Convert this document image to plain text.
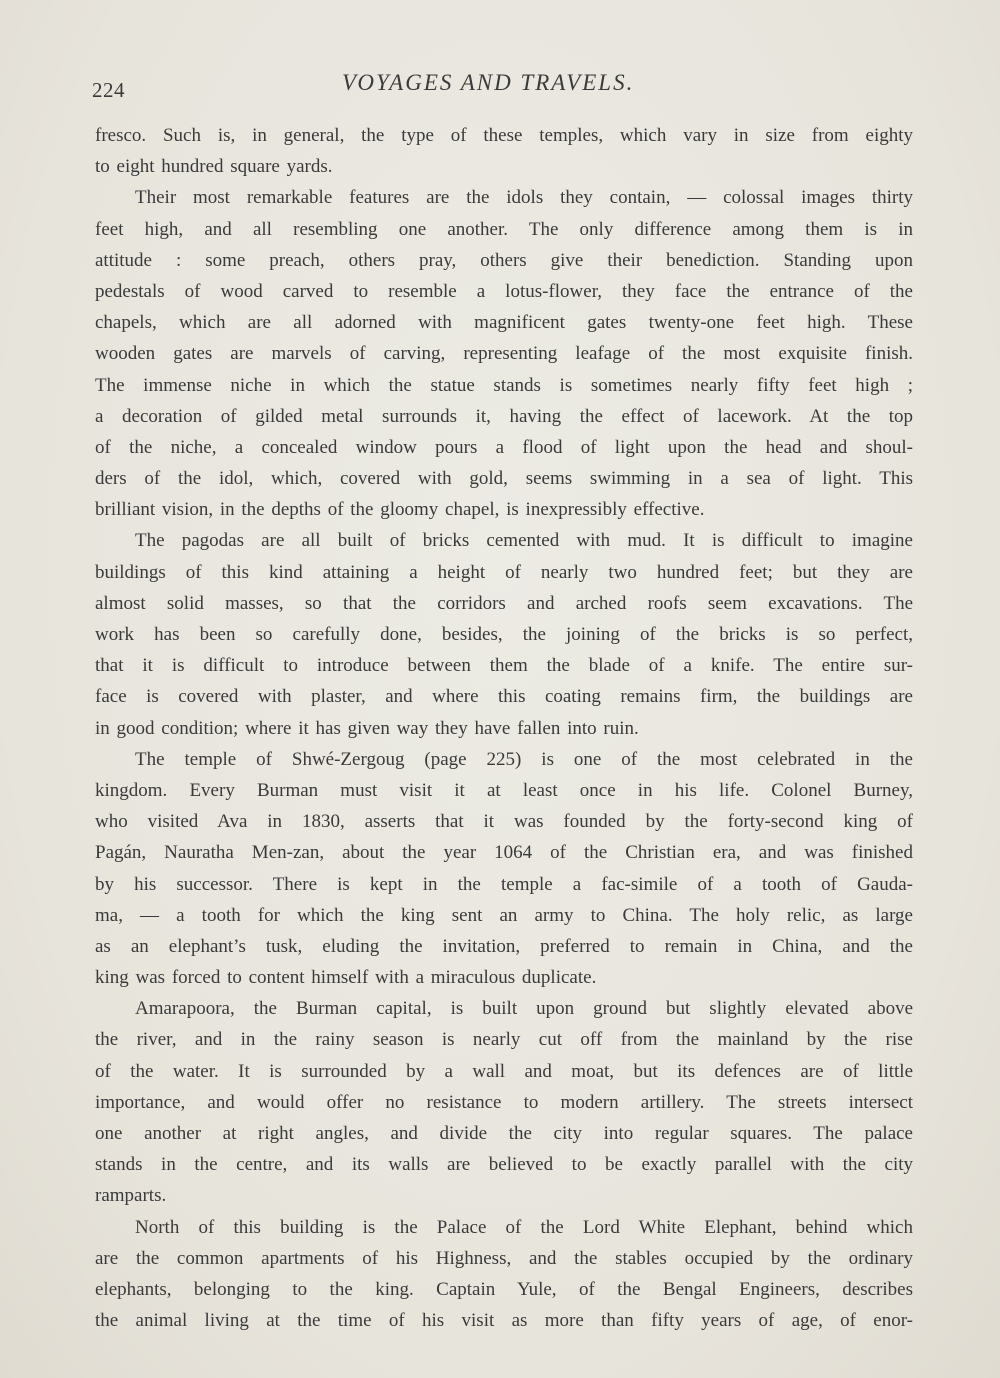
224	VOYAGES AND TRAVELS.
fresco. Such is, in general, the type of these temples, which vary in size from eighty
to eight hundred square yards.
Their most remarkable features are the idols they contain, — colossal images thirty
feet high, and all resembling one another. The only difference among them is in
attitude : some preach, others pray, others give their benediction. Standing upon
pedestals of wood carved to resemble a lotus-flower, they face the entrance of the
chapels, which are all adorned with magnificent gates twenty-one feet high. These
wooden gates are marvels of carving, representing leafage of the most exquisite finish.
The immense niche in which the statue stands is sometimes nearly fifty feet high ;
a decoration of gilded metal surrounds it, having the effect of lacework. At the top
of the niche, a concealed window pours a flood of light upon the head and shoul-
ders of the idol, which, covered with gold, seems swimming in a sea of light. This
brilliant vision, in the depths of the gloomy chapel, is inexpressibly effective.
The pagodas are all built of bricks cemented with mud. It is difficult to imagine
buildings of this kind attaining a height of nearly two hundred feet; but they are
almost solid masses, so that the corridors and arched roofs seem excavations. The
work has been so carefully done, besides, the joining of the bricks is so perfect,
that it is difficult to introduce between them the blade of a knife. The entire sur-
face is covered with plaster, and where this coating remains firm, the buildings are
in good condition; where it has given way they have fallen into ruin.
The temple of Shwé-Zergoug (page 225) is one of the most celebrated in the
kingdom. Every Burman must visit it at least once in his life. Colonel Burney,
who visited Ava in 1830, asserts that it was founded by the forty-second king of
Pagán, Nauratha Men-zan, about the year 1064 of the Christian era, and was finished
by his successor. There is kept in the temple a fac-simile of a tooth of Gauda-
ma, — a tooth for which the king sent an army to China. The holy relic, as large
as an elephant’s tusk, eluding the invitation, preferred to remain in China, and the
king was forced to content himself with a miraculous duplicate.
Amarapoora, the Burman capital, is built upon ground but slightly elevated above
the river, and in the rainy season is nearly cut off from the mainland by the rise
of the water. It is surrounded by a wall and moat, but its defences are of little
importance, and would offer no resistance to modern artillery. The streets intersect
one another at right angles, and divide the city into regular squares. The palace
stands in the centre, and its walls are believed to be exactly parallel with the city
ramparts.
North of this building is the Palace of the Lord White Elephant, behind which
are the common apartments of his Highness, and the stables occupied by the ordinary
elephants, belonging to the king. Captain Yule, of the Bengal Engineers, describes
the animal living at the time of his visit as more than fifty years of age, of enor-
